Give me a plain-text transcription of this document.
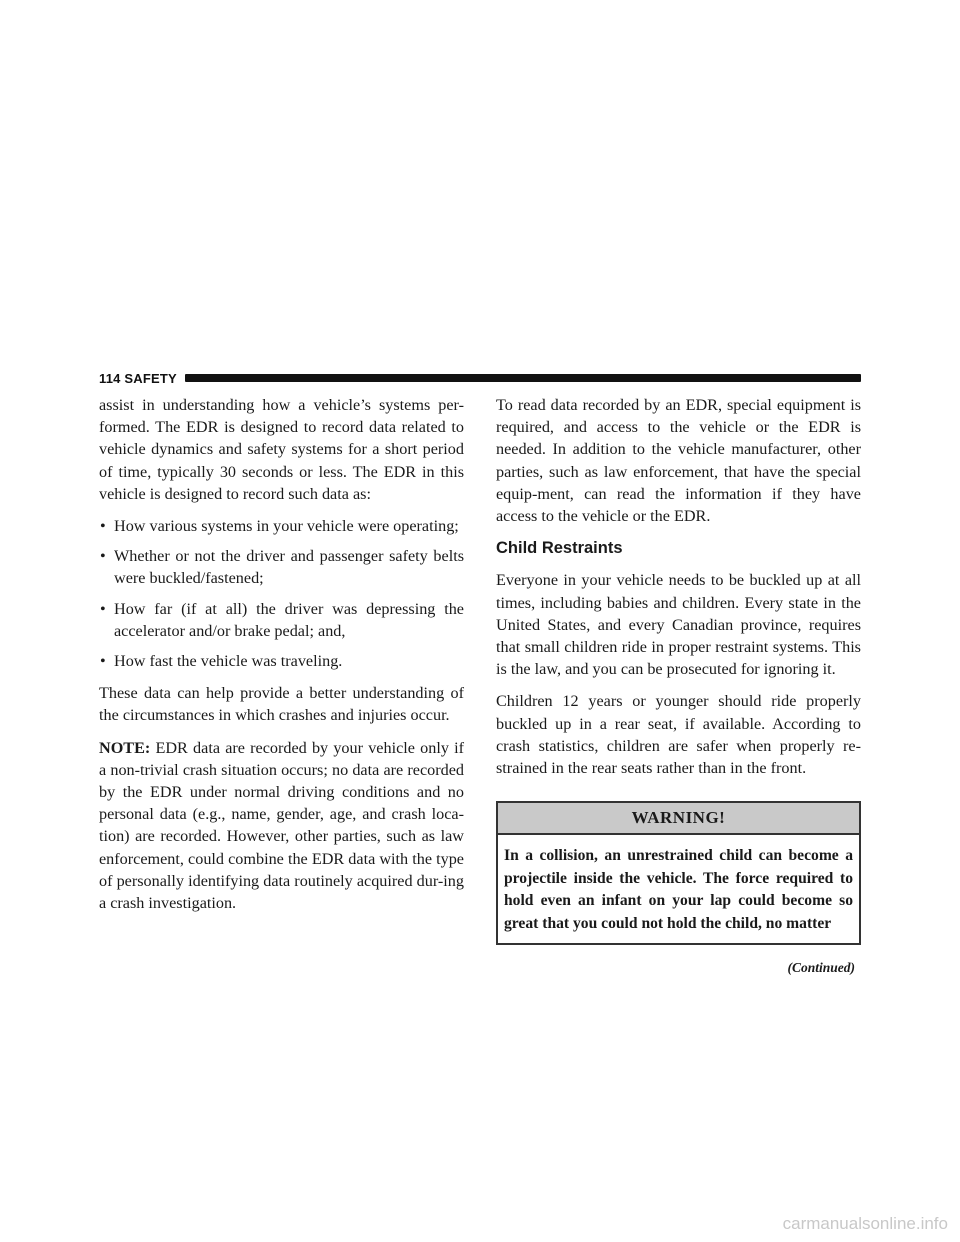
114 SAFETY

assist in understanding how a vehicle’s systems per-formed. The EDR is designed to record data related to vehicle dynamics and safety systems for a short period of time, typically 30 seconds or less. The EDR in this vehicle is designed to record such data as:

• How various systems in your vehicle were operating;
• Whether or not the driver and passenger safety belts were buckled/fastened;
• How far (if at all) the driver was depressing the accelerator and/or brake pedal; and,
• How fast the vehicle was traveling.

These data can help provide a better understanding of the circumstances in which crashes and injuries occur.

NOTE: EDR data are recorded by your vehicle only if a non-trivial crash situation occurs; no data are recorded by the EDR under normal driving conditions and no personal data (e.g., name, gender, age, and crash loca-tion) are recorded. However, other parties, such as law enforcement, could combine the EDR data with the type of personally identifying data routinely acquired dur-ing a crash investigation.

To read data recorded by an EDR, special equipment is required, and access to the vehicle or the EDR is needed. In addition to the vehicle manufacturer, other parties, such as law enforcement, that have the special equip-ment, can read the information if they have access to the vehicle or the EDR.

Child Restraints

Everyone in your vehicle needs to be buckled up at all times, including babies and children. Every state in the United States, and every Canadian province, requires that small children ride in proper restraint systems. This is the law, and you can be prosecuted for ignoring it.

Children 12 years or younger should ride properly buckled up in a rear seat, if available. According to crash statistics, children are safer when properly re-strained in the rear seats rather than in the front.

WARNING!
In a collision, an unrestrained child can become a projectile inside the vehicle. The force required to hold even an infant on your lap could become so great that you could not hold the child, no matter
(Continued)
carmanualsonline.info
